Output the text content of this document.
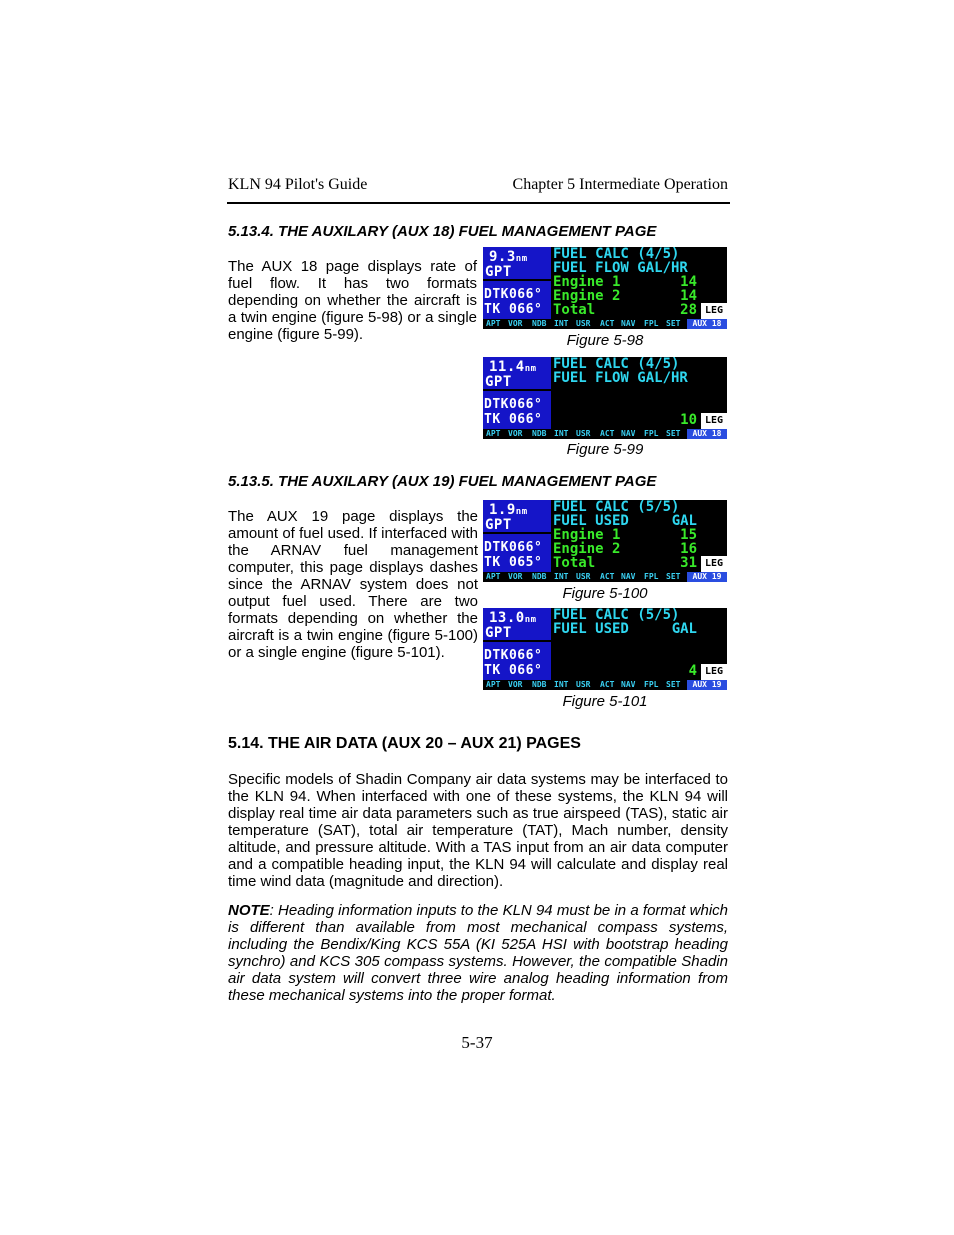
KLN 94 Pilot's Guide	Chapter 5 Intermediate Operation
5.13.4. THE AUXILARY (AUX 18) FUEL MANAGEMENT PAGE

The AUX 18 page displays rate of fuel flow. It has two formats depending on whether the aircraft is a twin engine (figure 5-98) or a single engine (figure 5-99).

5.13.5. THE AUXILARY (AUX 19) FUEL MANAGEMENT PAGE

The AUX 19 page displays the amount of fuel used. If interfaced with the ARNAV fuel management computer, this page displays dashes since the ARNAV system does not output fuel used. There are two formats depending on whether the aircraft is a twin engine (figure 5-100) or a single engine (figure 5-101).

9.3nm
GPT
DTK066°
TK 066°
FUEL CALC (4/5)
FUEL FLOW GAL/HR
Engine 1	14
Engine 2	14
Total	28 LEG
APT VOR NDB INT USR ACT NAV FPL SET	AUX 18
Figure 5-98
11.4nm
GPT
DTK066°
TK 066°
FUEL CALC (4/5)
FUEL FLOW GAL/HR
10 LEG
APT VOR NDB INT USR ACT NAV FPL SET	AUX 18
Figure 5-99
1.9nm
GPT
DTK066°
TK 065°
FUEL CALC (5/5)
FUEL USED	GAL
Engine 1	15
Engine 2	16
Total	31 LEG
APT VOR NDB INT USR ACT NAV FPL SET	AUX 19
Figure 5-100
13.0nm
GPT
DTK066°
TK 066°
FUEL CALC (5/5)
FUEL USED	GAL
4 LEG
APT VOR NDB INT USR ACT NAV FPL SET	AUX 19
Figure 5-101
5.14. THE AIR DATA (AUX 20 – AUX 21) PAGES

Specific models of Shadin Company air data systems may be interfaced to the KLN 94. When interfaced with one of these systems, the KLN 94 will display real time air data parameters such as true airspeed (TAS), static air temperature (SAT), total air temperature (TAT), Mach number, density altitude, and pressure altitude. With a TAS input from an air data computer and a compatible heading input, the KLN 94 will calculate and display real time wind data (magnitude and direction).

NOTE: Heading information inputs to the KLN 94 must be in a format which is different than available from most mechanical compass systems, including the Bendix/King KCS 55A (KI 525A HSI with bootstrap heading synchro) and KCS 305 compass systems. However, the compatible Shadin air data system will convert three wire analog heading information from these mechanical systems into the proper format.

5-37
